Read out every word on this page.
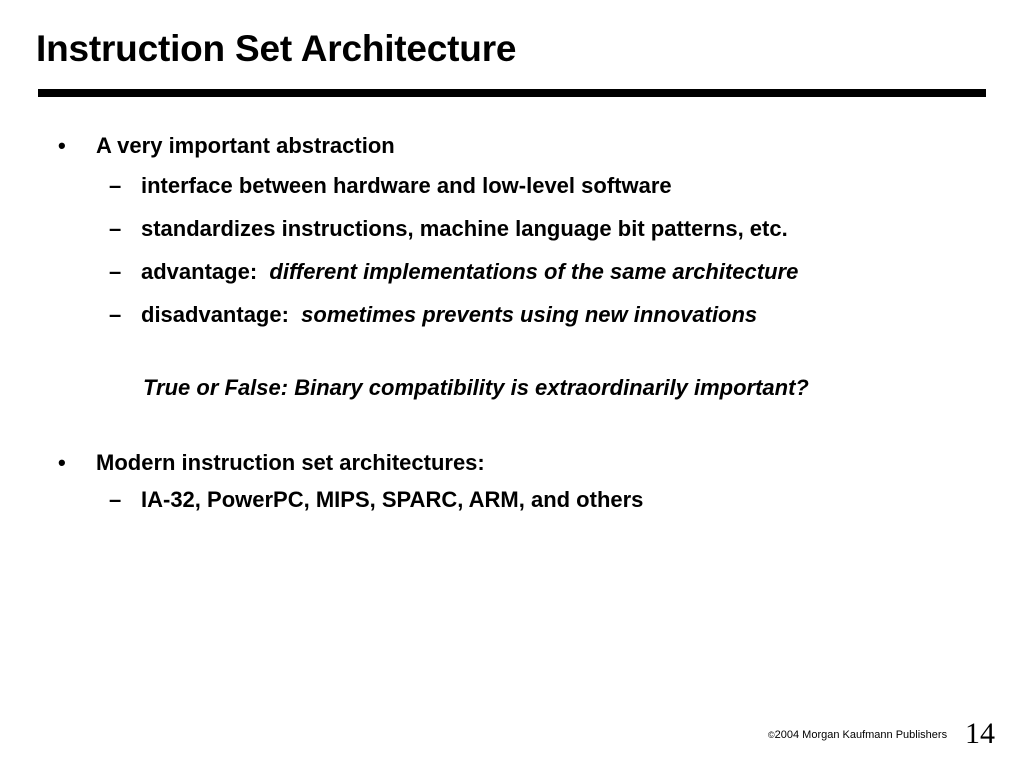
Instruction Set Architecture
• A very important abstraction
– interface between hardware and low-level software
– standardizes instructions, machine language bit patterns, etc.
– advantage: different implementations of the same architecture
– disadvantage: sometimes prevents using new innovations
True or False: Binary compatibility is extraordinarily important?
• Modern instruction set architectures:
– IA-32, PowerPC, MIPS, SPARC, ARM, and others
©2004 Morgan Kaufmann Publishers 14
